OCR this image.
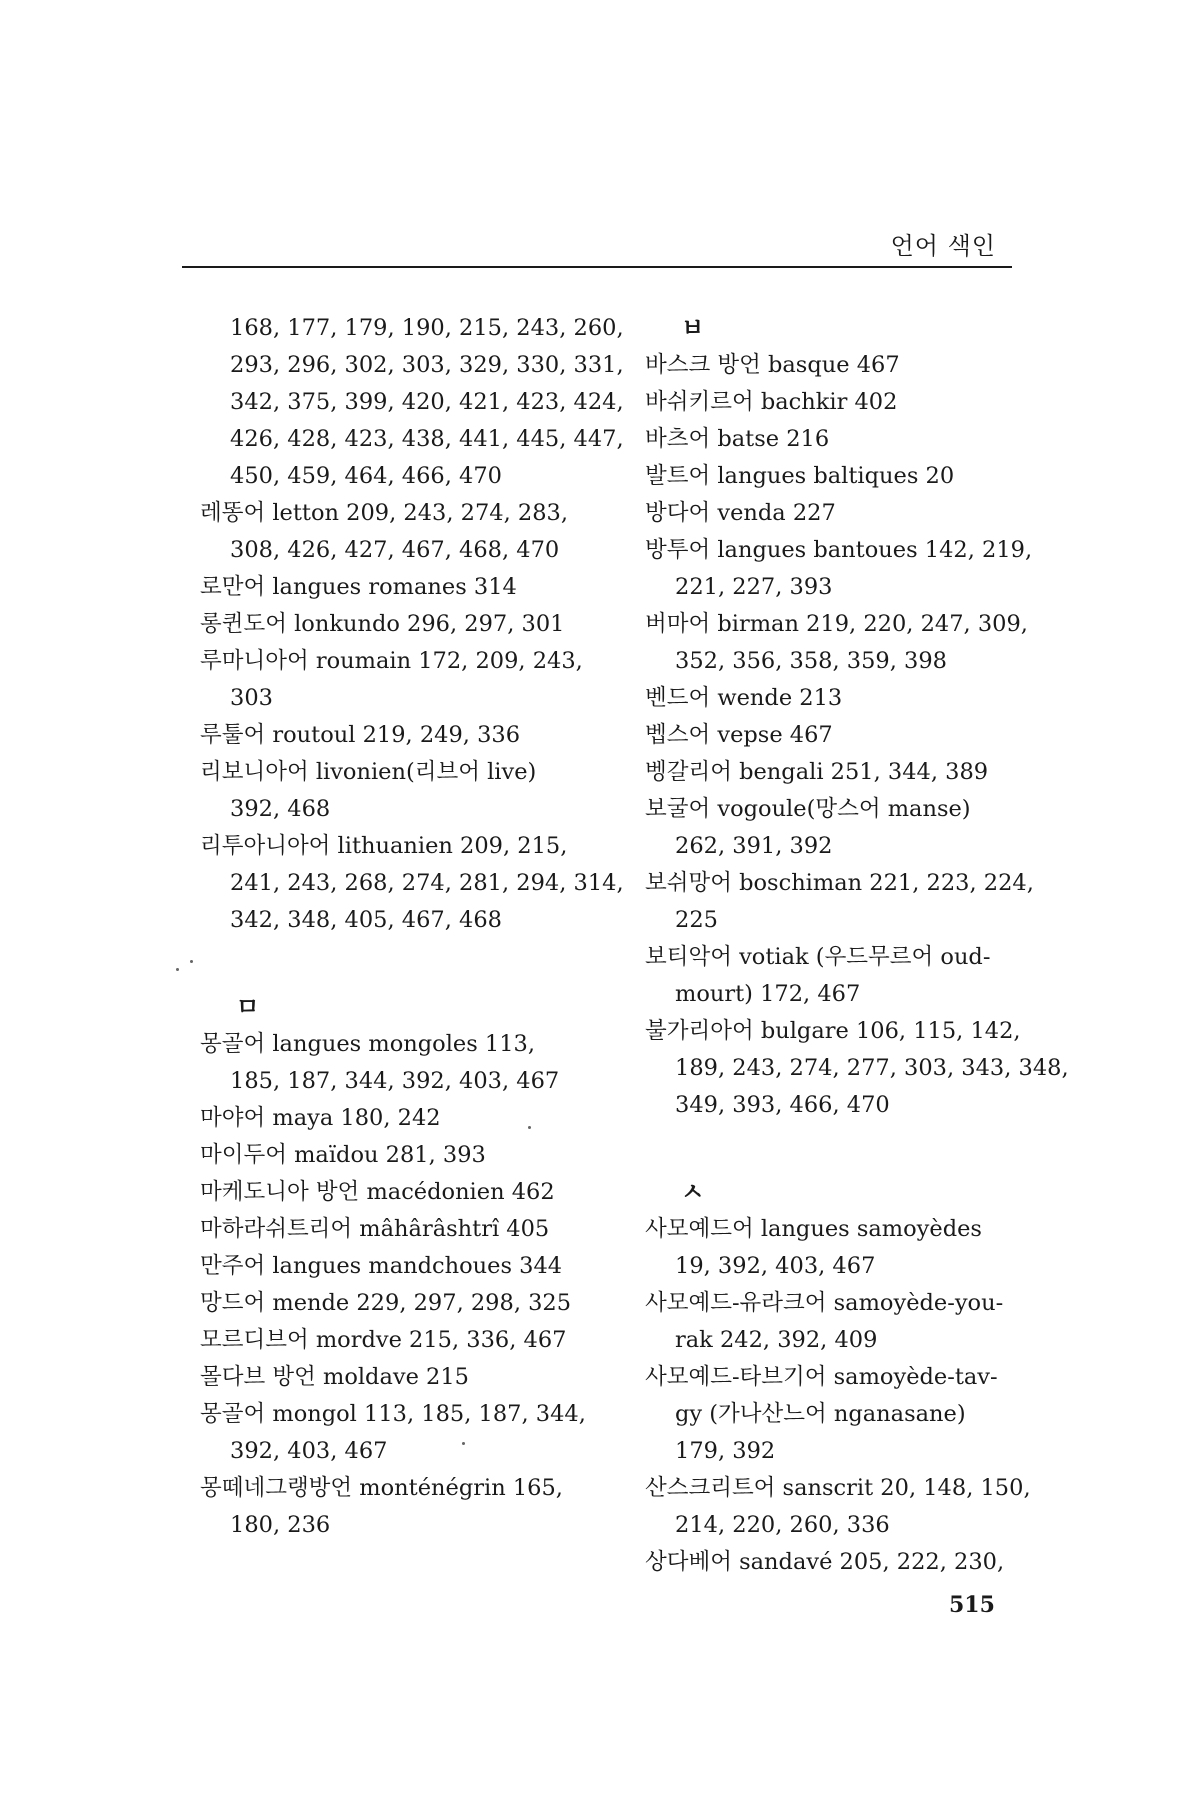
언어 색인
168, 177, 179, 190, 215, 243, 260,
293, 296, 302, 303, 329, 330, 331,
342, 375, 399, 420, 421, 423, 424,
426, 428, 423, 438, 441, 445, 447,
450, 459, 464, 466, 470
레똥어 letton 209, 243, 274, 283,
308, 426, 427, 467, 468, 470
로만어 langues romanes 314
롱퀸도어 lonkundo 296, 297, 301
루마니아어 roumain 172, 209, 243,
303
루툴어 routoul 219, 249, 336
리보니아어 livonien(리브어 live)
392, 468
리투아니아어 lithuanien 209, 215,
241, 243, 268, 274, 281, 294, 314,
342, 348, 405, 467, 468
ㅁ
몽골어 langues mongoles 113,
185, 187, 344, 392, 403, 467
마야어 maya 180, 242
마이두어 maïdou 281, 393
마케도니아 방언 macédonien 462
마하라쉬트리어 mâhârâshtrî 405
만주어 langues mandchoues 344
망드어 mende 229, 297, 298, 325
모르디브어 mordve 215, 336, 467
몰다브 방언 moldave 215
몽골어 mongol 113, 185, 187, 344,
392, 403, 467
몽떼네그랭방언 monténégrin 165,
180, 236
ㅂ
바스크 방언 basque 467
바쉬키르어 bachkir 402
바츠어 batse 216
발트어 langues baltiques 20
방다어 venda 227
방투어 langues bantoues 142, 219,
221, 227, 393
버마어 birman 219, 220, 247, 309,
352, 356, 358, 359, 398
벤드어 wende 213
벱스어 vepse 467
벵갈리어 bengali 251, 344, 389
보굴어 vogoule(망스어 manse)
262, 391, 392
보쉬망어 boschiman 221, 223, 224,
225
보티악어 votiak (우드무르어 oud-
mourt) 172, 467
불가리아어 bulgare 106, 115, 142,
189, 243, 274, 277, 303, 343, 348,
349, 393, 466, 470
ㅅ
사모예드어 langues samoyèdes
19, 392, 403, 467
사모예드-유라크어 samoyède-you-
rak 242, 392, 409
사모예드-타브기어 samoyède-tav-
gy (가나산느어 nganasane)
179, 392
산스크리트어 sanscrit 20, 148, 150,
214, 220, 260, 336
상다베어 sandavé 205, 222, 230,
515
